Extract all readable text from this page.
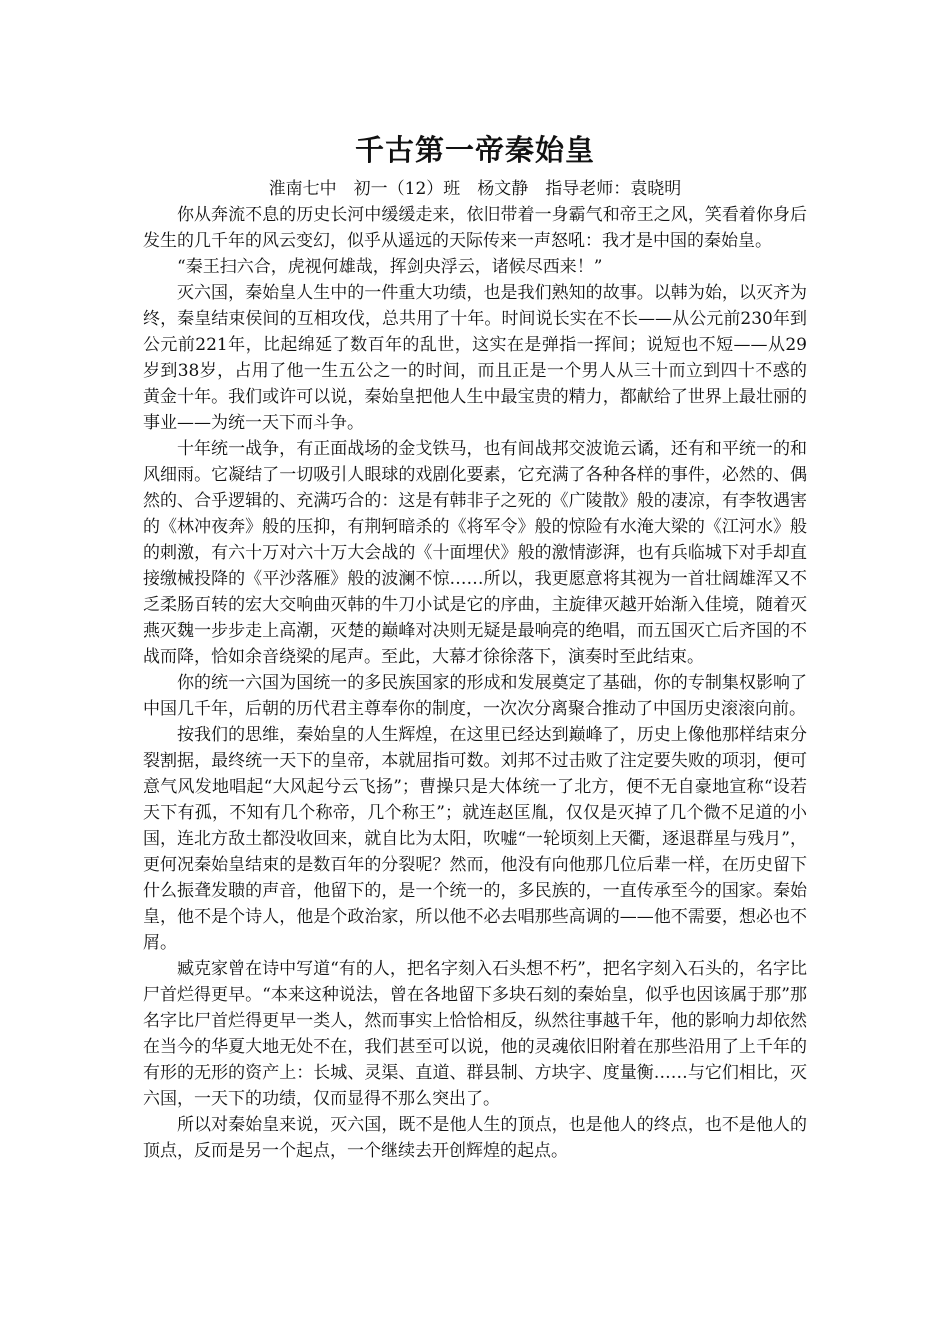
千古第一帝秦始皇

淮南七中　初一（12）班　杨文静　指导老师：袁晓明

你从奔流不息的历史长河中缓缓走来，依旧带着一身霸气和帝王之风，笑看着你身后发生的几千年的风云变幻，似乎从遥远的天际传来一声怒吼：我才是中国的秦始皇。

“秦王扫六合，虎视何雄哉，挥剑央浮云，诸候尽西来！”

灭六国，秦始皇人生中的一件重大功绩，也是我们熟知的故事。以韩为始，以灭齐为终，秦皇结束侯间的互相攻伐，总共用了十年。时间说长实在不长——从公元前230年到公元前221年，比起绵延了数百年的乱世，这实在是弹指一挥间；说短也不短——从29岁到38岁，占用了他一生五公之一的时间，而且正是一个男人从三十而立到四十不惑的黄金十年。我们或许可以说，秦始皇把他人生中最宝贵的精力，都献给了世界上最壮丽的事业——为统一天下而斗争。

十年统一战争，有正面战场的金戈铁马，也有间战邦交波诡云谲，还有和平统一的和风细雨。它凝结了一切吸引人眼球的戏剧化要素，它充满了各种各样的事件，必然的、偶然的、合乎逻辑的、充满巧合的：这是有韩非子之死的《广陵散》般的凄凉，有李牧遇害的《林冲夜奔》般的压抑，有荆轲暗杀的《将军令》般的惊险有水淹大梁的《江河水》般的刺激，有六十万对六十万大会战的《十面埋伏》般的激情澎湃，也有兵临城下对手却直接缴械投降的《平沙落雁》般的波澜不惊……所以，我更愿意将其视为一首壮阔雄浑又不乏柔肠百转的宏大交响曲灭韩的牛刀小试是它的序曲，主旋律灭越开始渐入佳境，随着灭燕灭魏一步步走上高潮，灭楚的巅峰对决则无疑是最响亮的绝唱，而五国灭亡后齐国的不战而降，恰如余音绕梁的尾声。至此，大幕才徐徐落下，演奏时至此结束。

你的统一六国为国统一的多民族国家的形成和发展奠定了基础，你的专制集权影响了中国几千年，后朝的历代君主尊奉你的制度，一次次分离聚合推动了中国历史滚滚向前。

按我们的思维，秦始皇的人生辉煌，在这里已经达到巅峰了，历史上像他那样结束分裂割据，最终统一天下的皇帝，本就屈指可数。刘邦不过击败了注定要失败的项羽，便可意气风发地唱起“大风起兮云飞扬”；曹操只是大体统一了北方，便不无自豪地宣称“设若天下有孤，不知有几个称帝，几个称王”；就连赵匡胤，仅仅是灭掉了几个微不足道的小国，连北方敌土都没收回来，就自比为太阳，吹嘘“一轮顷刻上天衢，逐退群星与残月”，更何况秦始皇结束的是数百年的分裂呢？然而，他没有向他那几位后辈一样，在历史留下什么振聋发聩的声音，他留下的，是一个统一的，多民族的，一直传承至今的国家。秦始皇，他不是个诗人，他是个政治家，所以他不必去唱那些高调的——他不需要，想必也不屑。

臧克家曾在诗中写道“有的人，把名字刻入石头想不朽”，把名字刻入石头的，名字比尸首烂得更早。“本来这种说法，曾在各地留下多块石刻的秦始皇，似乎也因该属于那”那名字比尸首烂得更早一类人，然而事实上恰恰相反，纵然往事越千年，他的影响力却依然在当今的华夏大地无处不在，我们甚至可以说，他的灵魂依旧附着在那些沿用了上千年的有形的无形的资产上：长城、灵渠、直道、群县制、方块字、度量衡……与它们相比，灭六国，一天下的功绩，仅而显得不那么突出了。

所以对秦始皇来说，灭六国，既不是他人生的顶点，也是他人的终点，也不是他人的顶点，反而是另一个起点，一个继续去开创辉煌的起点。
